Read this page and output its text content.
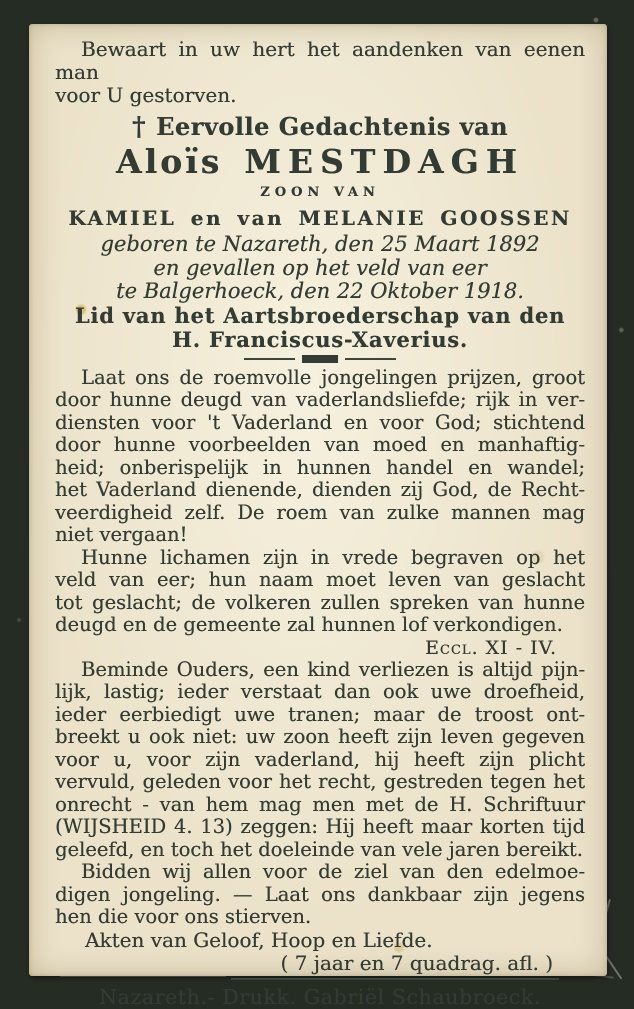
Bewaart in uw hert het aandenken van eenen man
voor U gestorven.
† Eervolle Gedachtenis van
Aloïs MESTDAGH
ZOON VAN
KAMIEL en van MELANIE GOOSSEN
geboren te Nazareth, den 25 Maart 1892
en gevallen op het veld van eer
te Balgerhoeck, den 22 Oktober 1918.
Lid van het Aartsbroederschap van den
H. Franciscus-Xaverius.
Laat ons de roemvolle jongelingen prijzen, groot
door hunne deugd van vaderlandsliefde; rijk in ver-
diensten voor 't Vaderland en voor God; stichtend
door hunne voorbeelden van moed en manhaftig-
heid; onberispelijk in hunnen handel en wandel;
het Vaderland dienende, dienden zij God, de Recht-
veerdigheid zelf. De roem van zulke mannen mag
niet vergaan!
Hunne lichamen zijn in vrede begraven op het
veld van eer; hun naam moet leven van geslacht
tot geslacht; de volkeren zullen spreken van hunne
deugd en de gemeente zal hunnen lof verkondigen.
Eccl. XI - IV.
Beminde Ouders, een kind verliezen is altijd pijn-
lijk, lastig; ieder verstaat dan ook uwe droefheid,
ieder eerbiedigt uwe tranen; maar de troost ont-
breekt u ook niet: uw zoon heeft zijn leven gegeven
voor u, voor zijn vaderland, hij heeft zijn plicht
vervuld, geleden voor het recht, gestreden tegen het
onrecht - van hem mag men met de H. Schriftuur
(WIJSHEID 4. 13) zeggen: Hij heeft maar korten tijd
geleefd, en toch het doeleinde van vele jaren bereikt.
Bidden wij allen voor de ziel van den edelmoe-
digen jongeling. — Laat ons dankbaar zijn jegens
hen die voor ons stierven.
Akten van Geloof, Hoop en Liefde.
( 7 jaar en 7 quadrag. afl. )
Nazareth.- Drukk. Gabriël Schaubroeck.
